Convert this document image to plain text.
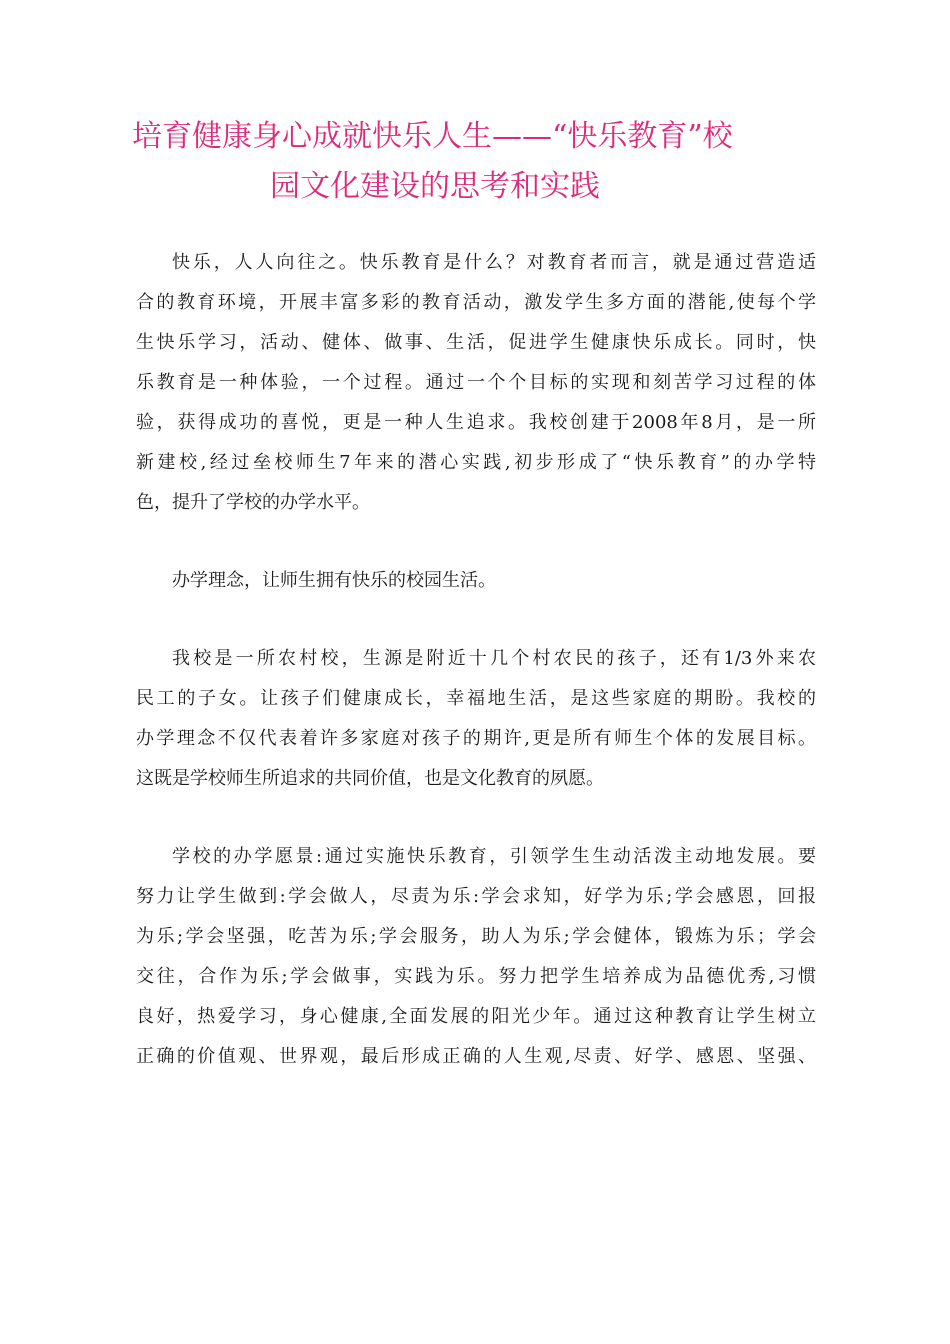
培育健康身心成就快乐人生——“快乐教育”校
园文化建设的思考和实践
快乐，人人向往之。快乐教育是什么？对教育者而言，就是通过营造适
合的教育环境，开展丰富多彩的教育活动，激发学生多方面的潜能,使每个学
生快乐学习，活动、健体、做事、生活，促进学生健康快乐成长。同时，快
乐教育是一种体验，一个过程。通过一个个目标的实现和刻苦学习过程的体
验，获得成功的喜悦，更是一种人生追求。我校创建于2008年8月，是一所
新建校,经过垒校师生7年来的潜心实践,初步形成了“快乐教育”的办学特
色，提升了学校的办学水平。
办学理念，让师生拥有快乐的校园生活。
我校是一所农村校，生源是附近十几个村农民的孩子，还有1/3外来农
民工的子女。让孩子们健康成长，幸福地生活，是这些家庭的期盼。我校的
办学理念不仅代表着许多家庭对孩子的期许,更是所有师生个体的发展目标。
这既是学校师生所追求的共同价值，也是文化教育的夙愿。
学校的办学愿景:通过实施快乐教育，引领学生生动活泼主动地发展。要
努力让学生做到:学会做人，尽责为乐:学会求知，好学为乐;学会感恩，回报
为乐;学会坚强，吃苦为乐;学会服务，助人为乐;学会健体，锻炼为乐；学会
交往，合作为乐;学会做事，实践为乐。努力把学生培养成为品德优秀,习惯
良好，热爱学习，身心健康,全面发展的阳光少年。通过这种教育让学生树立
正确的价值观、世界观，最后形成正确的人生观,尽责、好学、感恩、坚强、
